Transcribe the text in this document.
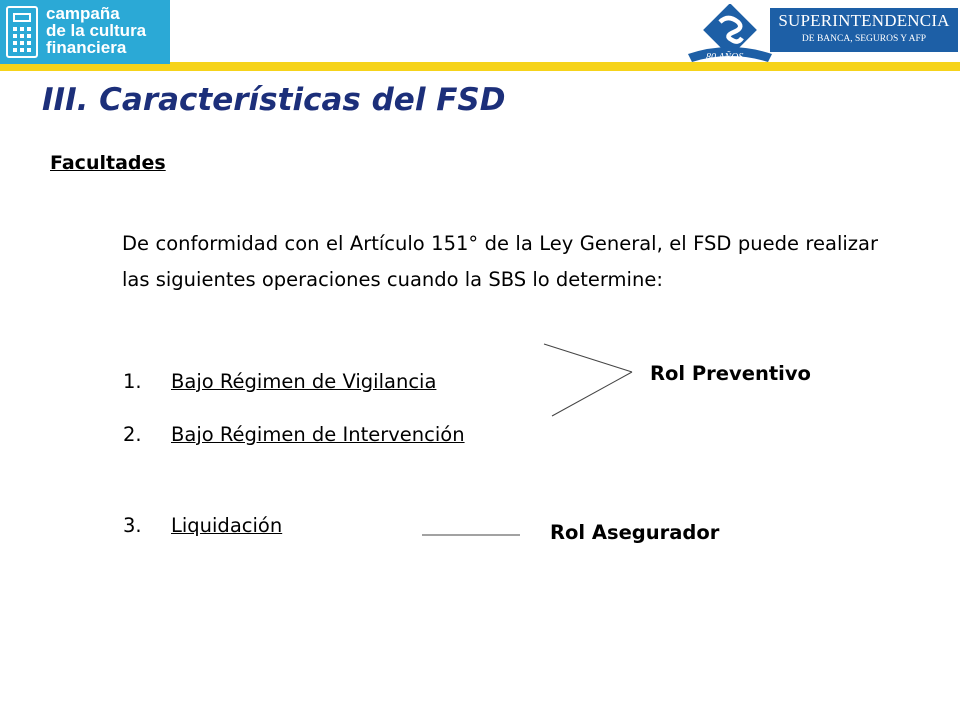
campaña
de la cultura
financiera
80 AÑOS
SUPERINTENDENCIA
DE BANCA, SEGUROS Y AFP
III. Características del FSD
Facultades

De conformidad con el Artículo 151° de la Ley General, el FSD puede realizar las siguientes operaciones cuando la SBS lo determine:

1. Bajo Régimen de Vigilancia
2. Bajo Régimen de Intervención
3. Liquidación
Rol Preventivo
Rol Asegurador
